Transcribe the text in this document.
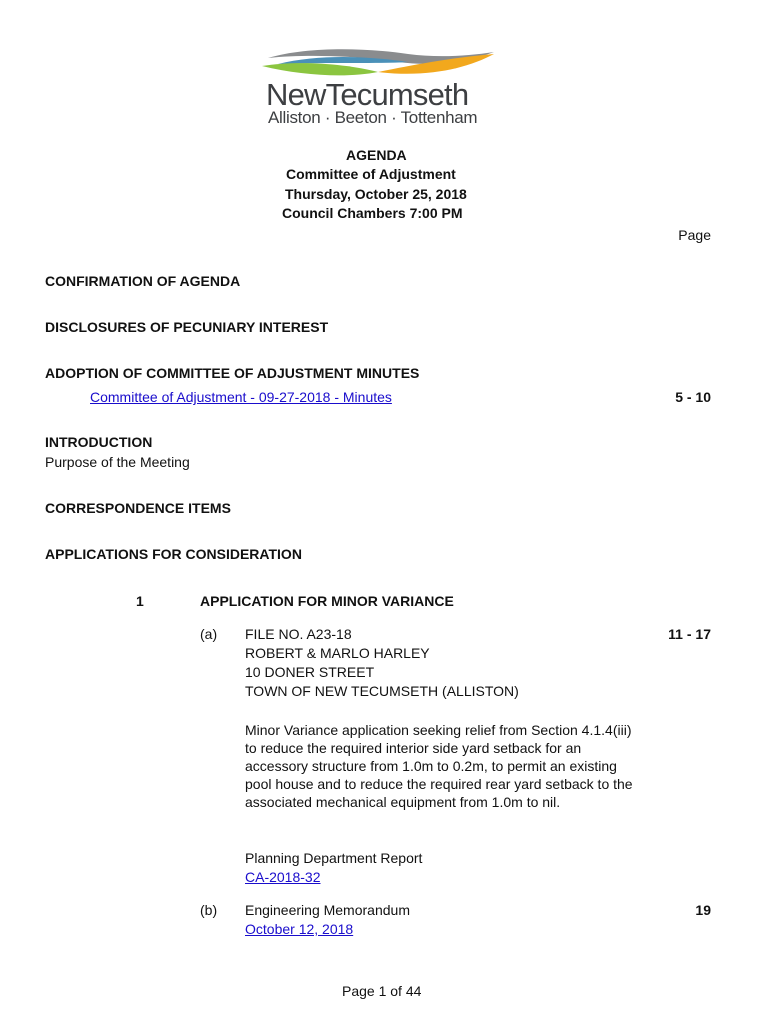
NewTecumseth
Alliston · Beeton · Tottenham
AGENDA
Committee of Adjustment
Thursday, October 25, 2018
Council Chambers 7:00 PM
Page
CONFIRMATION OF AGENDA
DISCLOSURES OF PECUNIARY INTEREST
ADOPTION OF COMMITTEE OF ADJUSTMENT MINUTES
Committee of Adjustment - 09-27-2018 - Minutes	5 - 10
INTRODUCTION
Purpose of the Meeting
CORRESPONDENCE ITEMS
APPLICATIONS FOR CONSIDERATION
1	APPLICATION FOR MINOR VARIANCE
(a) FILE NO. A23-18
ROBERT & MARLO HARLEY
10 DONER STREET
TOWN OF NEW TECUMSETH (ALLISTON)
11 - 17
Minor Variance application seeking relief from Section 4.1.4(iii) to reduce the required interior side yard setback for an accessory structure from 1.0m to 0.2m, to permit an existing pool house and to reduce the required rear yard setback to the associated mechanical equipment from 1.0m to nil.
Planning Department Report
CA-2018-32
(b) Engineering Memorandum
October 12, 2018
19
Page 1 of 44
